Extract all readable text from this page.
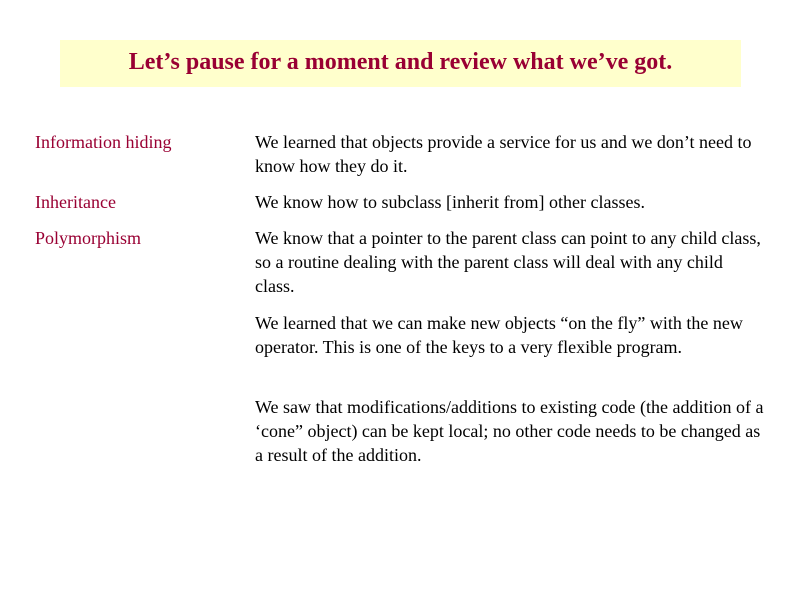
Let’s pause for a moment and review what we’ve got.
Information hiding	We learned that objects provide a service for us and we don’t need to know how they do it.
Inheritance	We know how to subclass [inherit from] other classes.
Polymorphism	We know that a pointer to the parent class can point to any child class, so a routine dealing with the parent class will deal with any child class.
We learned that we can make new objects “on the fly” with the new operator. This is one of the keys to a very flexible program.
We saw that modifications/additions to existing code (the addition of a ‘cone” object) can be kept local; no other code needs to be changed as a result of the addition.
